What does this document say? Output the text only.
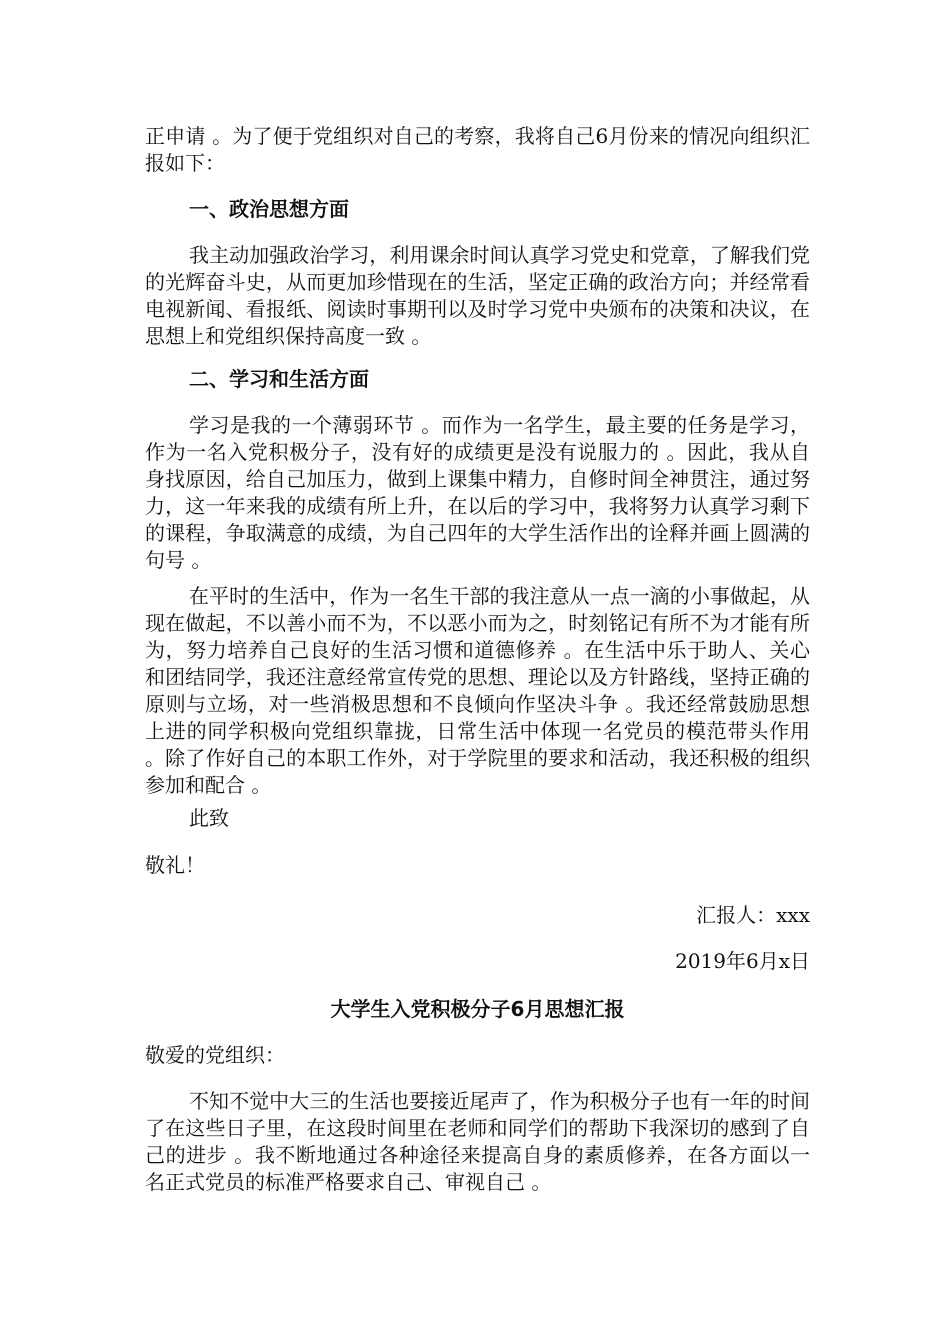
正申请 。为了便于党组织对自己的考察，我将自己6月份来的情况向组织汇报如下：

一、政治思想方面

我主动加强政治学习，利用课余时间认真学习党史和党章，了解我们党的光辉奋斗史，从而更加珍惜现在的生活，坚定正确的政治方向；并经常看电视新闻、看报纸、阅读时事期刊以及时学习党中央颁布的决策和决议，在思想上和党组织保持高度一致 。

二、学习和生活方面

学习是我的一个薄弱环节 。而作为一名学生，最主要的任务是学习，作为一名入党积极分子，没有好的成绩更是没有说服力的 。因此，我从自身找原因，给自己加压力，做到上课集中精力，自修时间全神贯注，通过努力，这一年来我的成绩有所上升，在以后的学习中，我将努力认真学习剩下的课程，争取满意的成绩，为自己四年的大学生活作出的诠释并画上圆满的句号 。

在平时的生活中，作为一名生干部的我注意从一点一滴的小事做起，从现在做起，不以善小而不为，不以恶小而为之，时刻铭记有所不为才能有所为，努力培养自己良好的生活习惯和道德修养 。在生活中乐于助人、关心和团结同学，我还注意经常宣传党的思想、理论以及方针路线，坚持正确的原则与立场，对一些消极思想和不良倾向作坚决斗争 。我还经常鼓励思想上进的同学积极向党组织靠拢，日常生活中体现一名党员的模范带头作用 。除了作好自己的本职工作外，对于学院里的要求和活动，我还积极的组织参加和配合 。

此致

敬礼！

汇报人：xxx

2019年6月x日

大学生入党积极分子6月思想汇报

敬爱的党组织：

不知不觉中大三的生活也要接近尾声了，作为积极分子也有一年的时间了在这些日子里，在这段时间里在老师和同学们的帮助下我深切的感到了自己的进步 。我不断地通过各种途径来提高自身的素质修养，在各方面以一名正式党员的标准严格要求自己、审视自己 。
